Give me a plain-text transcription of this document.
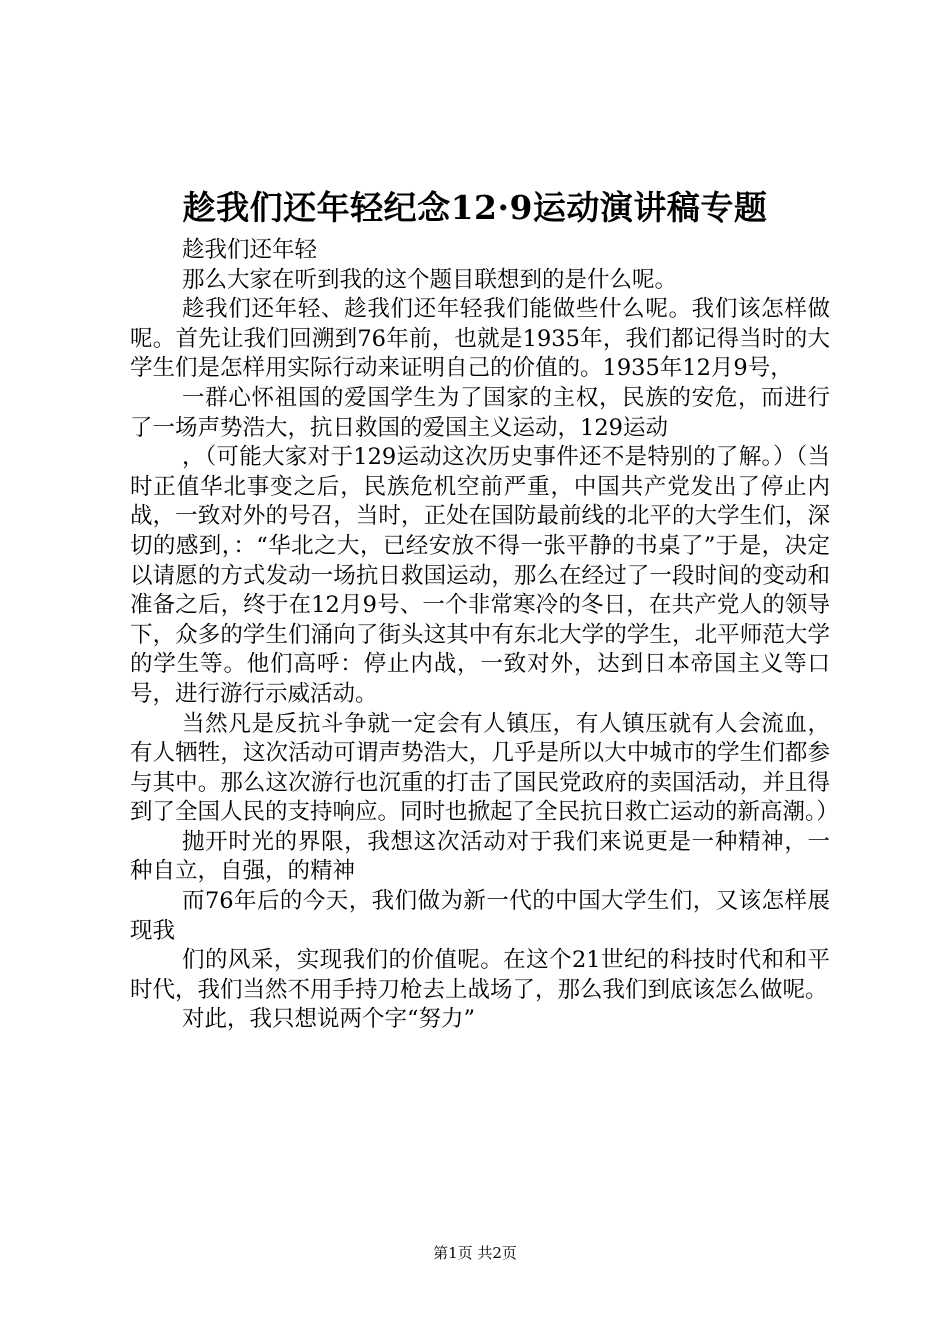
趁我们还年轻纪念12·9运动演讲稿专题

趁我们还年轻

那么大家在听到我的这个题目联想到的是什么呢。

趁我们还年轻、趁我们还年轻我们能做些什么呢。我们该怎样做呢。首先让我们回溯到76年前，也就是1935年，我们都记得当时的大学生们是怎样用实际行动来证明自己的价值的。1935年12月9号，

一群心怀祖国的爱国学生为了国家的主权，民族的安危，而进行了一场声势浩大，抗日救国的爱国主义运动，129运动

，（可能大家对于129运动这次历史事件还不是特别的了解。）（当时正值华北事变之后，民族危机空前严重，中国共产党发出了停止内战，一致对外的号召，当时，正处在国防最前线的北平的大学生们，深切的感到，：“华北之大，已经安放不得一张平静的书桌了”于是，决定以请愿的方式发动一场抗日救国运动，那么在经过了一段时间的变动和准备之后，终于在12月9号、一个非常寒冷的冬日，在共产党人的领导下，众多的学生们涌向了街头这其中有东北大学的学生，北平师范大学的学生等。他们高呼：停止内战，一致对外，达到日本帝国主义等口号，进行游行示威活动。

当然凡是反抗斗争就一定会有人镇压，有人镇压就有人会流血，有人牺牲，这次活动可谓声势浩大，几乎是所以大中城市的学生们都参与其中。那么这次游行也沉重的打击了国民党政府的卖国活动，并且得到了全国人民的支持响应。同时也掀起了全民抗日救亡运动的新高潮。）

抛开时光的界限，我想这次活动对于我们来说更是一种精神，一种自立，自强，的精神

而76年后的今天，我们做为新一代的中国大学生们，又该怎样展现我

们的风采，实现我们的价值呢。在这个21世纪的科技时代和和平时代，我们当然不用手持刀枪去上战场了，那么我们到底该怎么做呢。

对此，我只想说两个字“努力”

第1页 共2页
